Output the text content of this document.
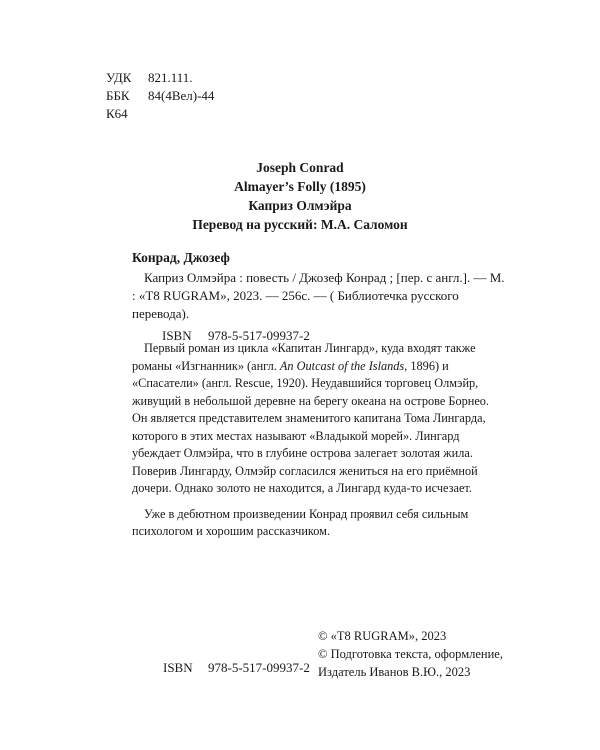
УДК	821.111.
ББК	84(4Вел)-44
К64
Joseph Conrad
Almayer’s Folly (1895)
Каприз Олмэйра
Перевод на русский: М.А. Саломон
Конрад, Джозеф

Каприз Олмэйра : повесть / Джозеф Конрад ; [пер. с англ.]. — М. : «T8 RUGRAM», 2023. — 256с. — ( Библиотечка русского перевода).

ISBN	978-5-517-09937-2

Первый роман из цикла «Капитан Лингард», куда входят также романы «Изгнанник» (англ. An Outcast of the Islands, 1896) и «Спасатели» (англ. Rescue, 1920). Неудавшийся торговец Олмэйр, живущий в небольшой деревне на берегу океана на острове Борнео. Он является представителем знаменитого капитана Тома Лингарда, которого в этих местах называют «Владыкой морей». Лингард убеждает Олмэйра, что в глубине острова залегает золотая жила. Поверив Лингарду, Олмэйр согласился жениться на его приёмной дочери. Однако золото не находится, а Лингард куда-то исчезает.

Уже в дебютном произведении Конрад проявил себя сильным психологом и хорошим рассказчиком.

© «T8 RUGRAM», 2023
© Подготовка текста, оформление,
Издатель Иванов В.Ю., 2023
ISBN	978-5-517-09937-2
